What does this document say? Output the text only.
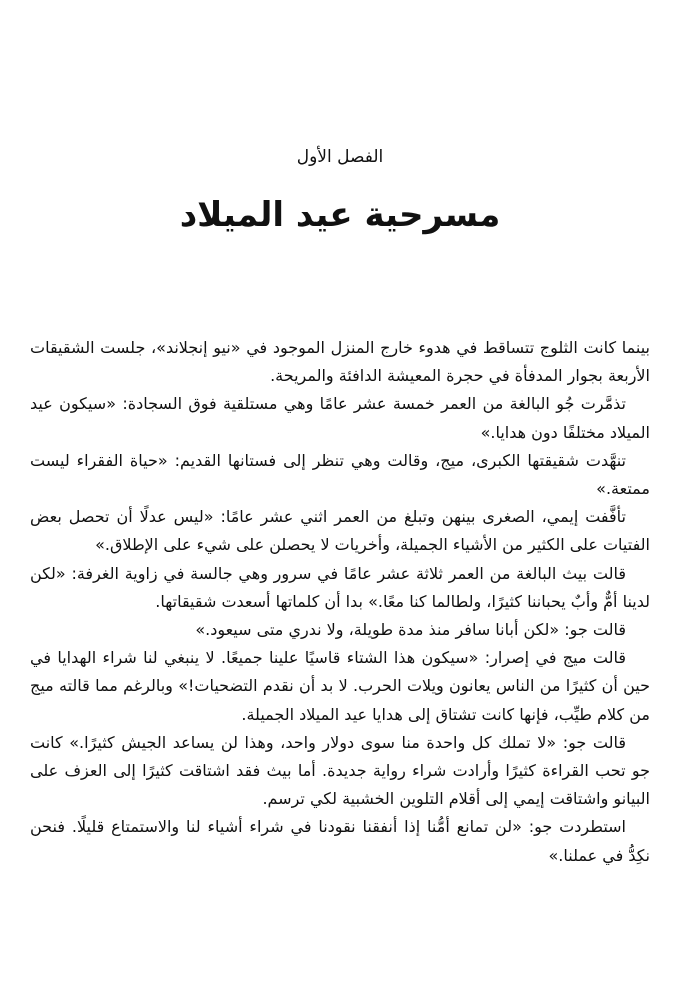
الفصل الأول
مسرحية عيد الميلاد

بينما كانت الثلوج تتساقط في هدوء خارج المنزل الموجود في «نيو إنجلاند»، جلست الشقيقات الأربعة بجوار المدفأة في حجرة المعيشة الدافئة والمريحة.

تذمَّرت جُو البالغة من العمر خمسة عشر عامًا وهي مستلقية فوق السجادة: «سيكون عيد الميلاد مختلفًا دون هدايا.»

تنهَّدت شقيقتها الكبرى، ميج، وقالت وهي تنظر إلى فستانها القديم: «حياة الفقراء ليست ممتعة.»

تأفَّفت إيمي، الصغرى بينهن وتبلغ من العمر اثني عشر عامًا: «ليس عدلًا أن تحصل بعض الفتيات على الكثير من الأشياء الجميلة، وأخريات لا يحصلن على شيء على الإطلاق.»

قالت بيث البالغة من العمر ثلاثة عشر عامًا في سرور وهي جالسة في زاوية الغرفة: «لكن لدينا أمٌّ وأبٌ يحباننا كثيرًا، ولطالما كنا معًا.» بدا أن كلماتها أسعدت شقيقاتها.

قالت جو: «لكن أبانا سافر منذ مدة طويلة، ولا ندري متى سيعود.»

قالت ميج في إصرار: «سيكون هذا الشتاء قاسيًا علينا جميعًا. لا ينبغي لنا شراء الهدايا في حين أن كثيرًا من الناس يعانون ويلات الحرب. لا بد أن نقدم التضحيات!» وبالرغم مما قالته ميج من كلام طيِّب، فإنها كانت تشتاق إلى هدايا عيد الميلاد الجميلة.

قالت جو: «لا تملك كل واحدة منا سوى دولار واحد، وهذا لن يساعد الجيش كثيرًا.» كانت جو تحب القراءة كثيرًا وأرادت شراء رواية جديدة. أما بيث فقد اشتاقت كثيرًا إلى العزف على البيانو واشتاقت إيمي إلى أقلام التلوين الخشبية لكي ترسم.

استطردت جو: «لن تمانع أمُّنا إذا أنفقنا نقودنا في شراء أشياء لنا والاستمتاع قليلًا. فنحن نكِدُّ في عملنا.»
